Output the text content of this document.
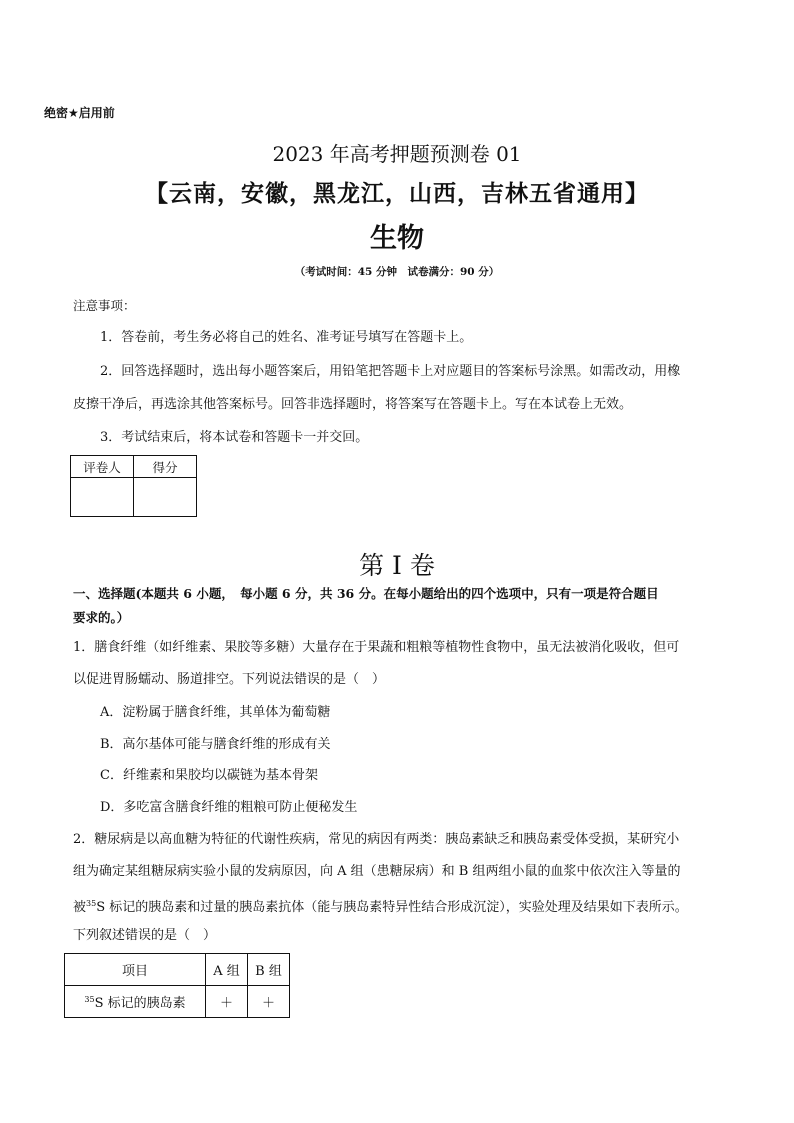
绝密★启用前
2023 年高考押题预测卷 01
【云南，安徽，黑龙江，山西，吉林五省通用】
生物
（考试时间：45 分钟　试卷满分：90 分）
注意事项：
1．答卷前，考生务必将自己的姓名、准考证号填写在答题卡上。
2．回答选择题时，选出每小题答案后，用铅笔把答题卡上对应题目的答案标号涂黑。如需改动，用橡
皮擦干净后，再选涂其他答案标号。回答非选择题时，将答案写在答题卡上。写在本试卷上无效。
3．考试结束后，将本试卷和答题卡一并交回。
评卷人	得分

第 I 卷
一、选择题(本题共 6 小题，　每小题 6 分，共 36 分。在每小题给出的四个选项中，只有一项是符合题目
要求的。）
1．膳食纤维（如纤维素、果胶等多糖）大量存在于果蔬和粗粮等植物性食物中，虽无法被消化吸收，但可
以促进胃肠蠕动、肠道排空。下列说法错误的是（　）
A．淀粉属于膳食纤维，其单体为葡萄糖
B．高尔基体可能与膳食纤维的形成有关
C．纤维素和果胶均以碳链为基本骨架
D．多吃富含膳食纤维的粗粮可防止便秘发生
2．糖尿病是以高血糖为特征的代谢性疾病，常见的病因有两类：胰岛素缺乏和胰岛素受体受损，某研究小
组为确定某组糖尿病实验小鼠的发病原因，向 A 组（患糖尿病）和 B 组两组小鼠的血浆中依次注入等量的
被$^{35}$S 标记的胰岛素和过量的胰岛素抗体（能与胰岛素特异性结合形成沉淀），实验处理及结果如下表所示。
下列叙述错误的是（　）
项目	A 组	B 组
$^{35}$S 标记的胰岛素	＋	＋
